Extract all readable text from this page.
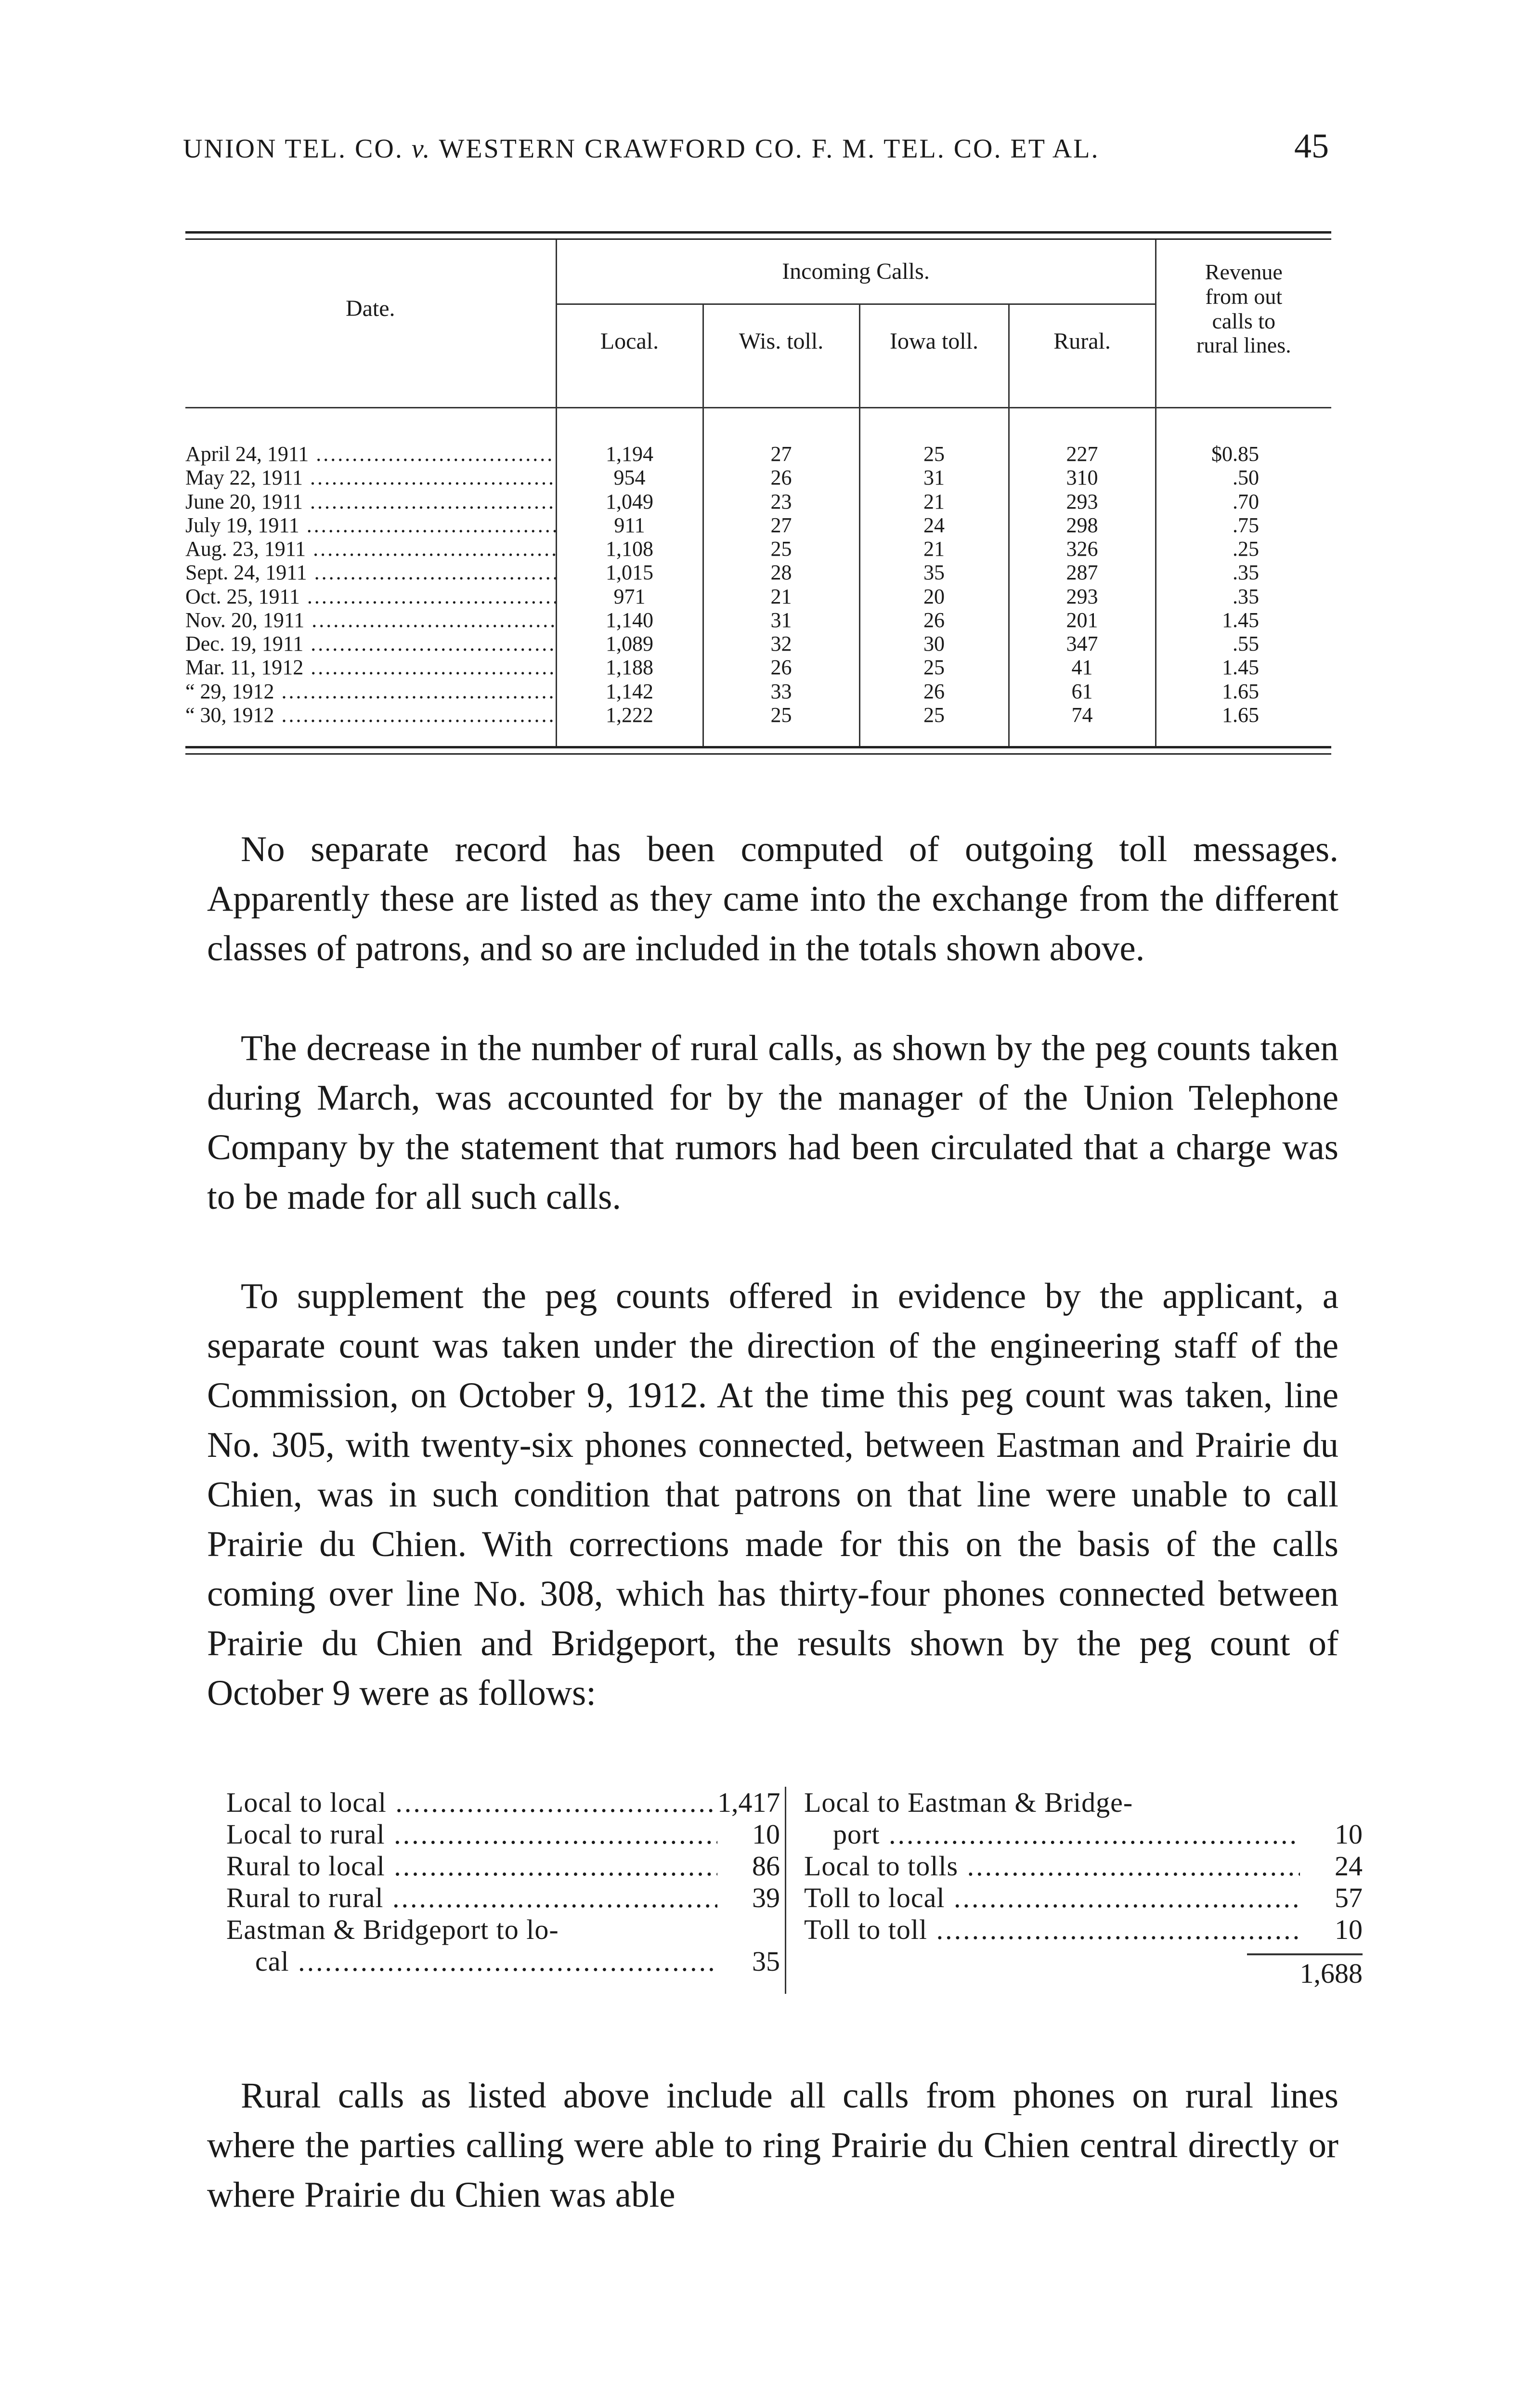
UNION TEL. CO. v. WESTERN CRAWFORD CO. F. M. TEL. CO. ET AL.	45
Date.	Incoming Calls.				Revenue
from out
calls to
rural lines.
	Local.	Wis. toll.	Iowa toll.	Rural.	

April 24, 1911 .....	1,194	27	25	227	$0.85
May 22, 1911 .....	954	26	31	310	.50
June 20, 1911 .....	1,049	23	21	293	.70
July 19, 1911 .....	911	27	24	298	.75
Aug. 23, 1911 .....	1,108	25	21	326	.25
Sept. 24, 1911 .....	1,015	28	35	287	.35
Oct. 25, 1911 .....	971	21	20	293	.35
Nov. 20, 1911 .....	1,140	31	26	201	1.45
Dec. 19, 1911 .....	1,089	32	30	347	.55
Mar. 11, 1912 .....	1,188	26	25	41	1.45
“ 29, 1912 .....	1,142	33	26	61	1.65
“ 30, 1912 .....	1,222	25	25	74	1.65

No separate record has been computed of outgoing toll messages. Apparently these are listed as they came into the exchange from the different classes of patrons, and so are included in the totals shown above.

The decrease in the number of rural calls, as shown by the peg counts taken during March, was accounted for by the manager of the Union Telephone Company by the statement that rumors had been circulated that a charge was to be made for all such calls.

To supplement the peg counts offered in evidence by the applicant, a separate count was taken under the direction of the engineering staff of the Commission, on October 9, 1912. At the time this peg count was taken, line No. 305, with twenty-six phones connected, between Eastman and Prairie du Chien, was in such condition that patrons on that line were unable to call Prairie du Chien. With corrections made for this on the basis of the calls coming over line No. 308, which has thirty-four phones connected between Prairie du Chien and Bridgeport, the results shown by the peg count of October 9 were as follows:

Local to local .....	1,417
Local to rural .....	10
Rural to local .....	86
Rural to rural .....	39
Eastman & Bridgeport to lo-
cal .....	35
Local to Eastman & Bridge-
port .....	10
Local to tolls .....	24
Toll to local .....	57
Toll to toll .....	10
1,688

Rural calls as listed above include all calls from phones on rural lines where the parties calling were able to ring Prairie du Chien central directly or where Prairie du Chien was able
